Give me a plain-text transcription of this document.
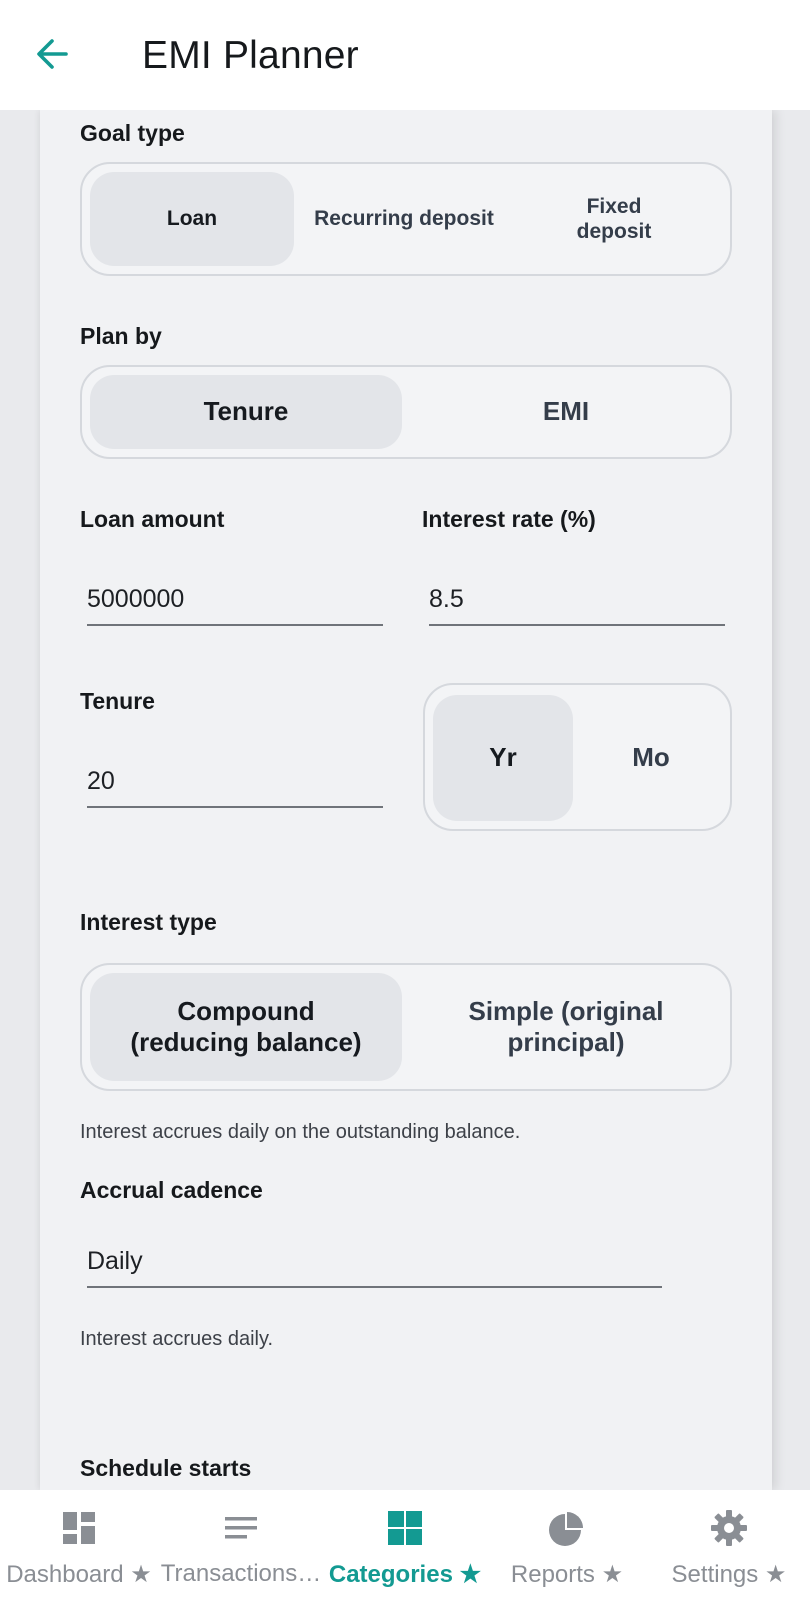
EMI Planner
Goal type
Loan	Recurring deposit
Fixed deposit
Plan by
Tenure	EMI
Loan amount
5000000
Interest rate (%)
8.5
Tenure
20
Yr	Mo
Interest type
Compound (reducing balance)
Simple (original principal)
Interest accrues daily on the outstanding balance.
Accrual cadence
Daily
Interest accrues daily.
Schedule starts
Dashboard ★ Transactions… Categories ★	Reports ★	Settings ★
